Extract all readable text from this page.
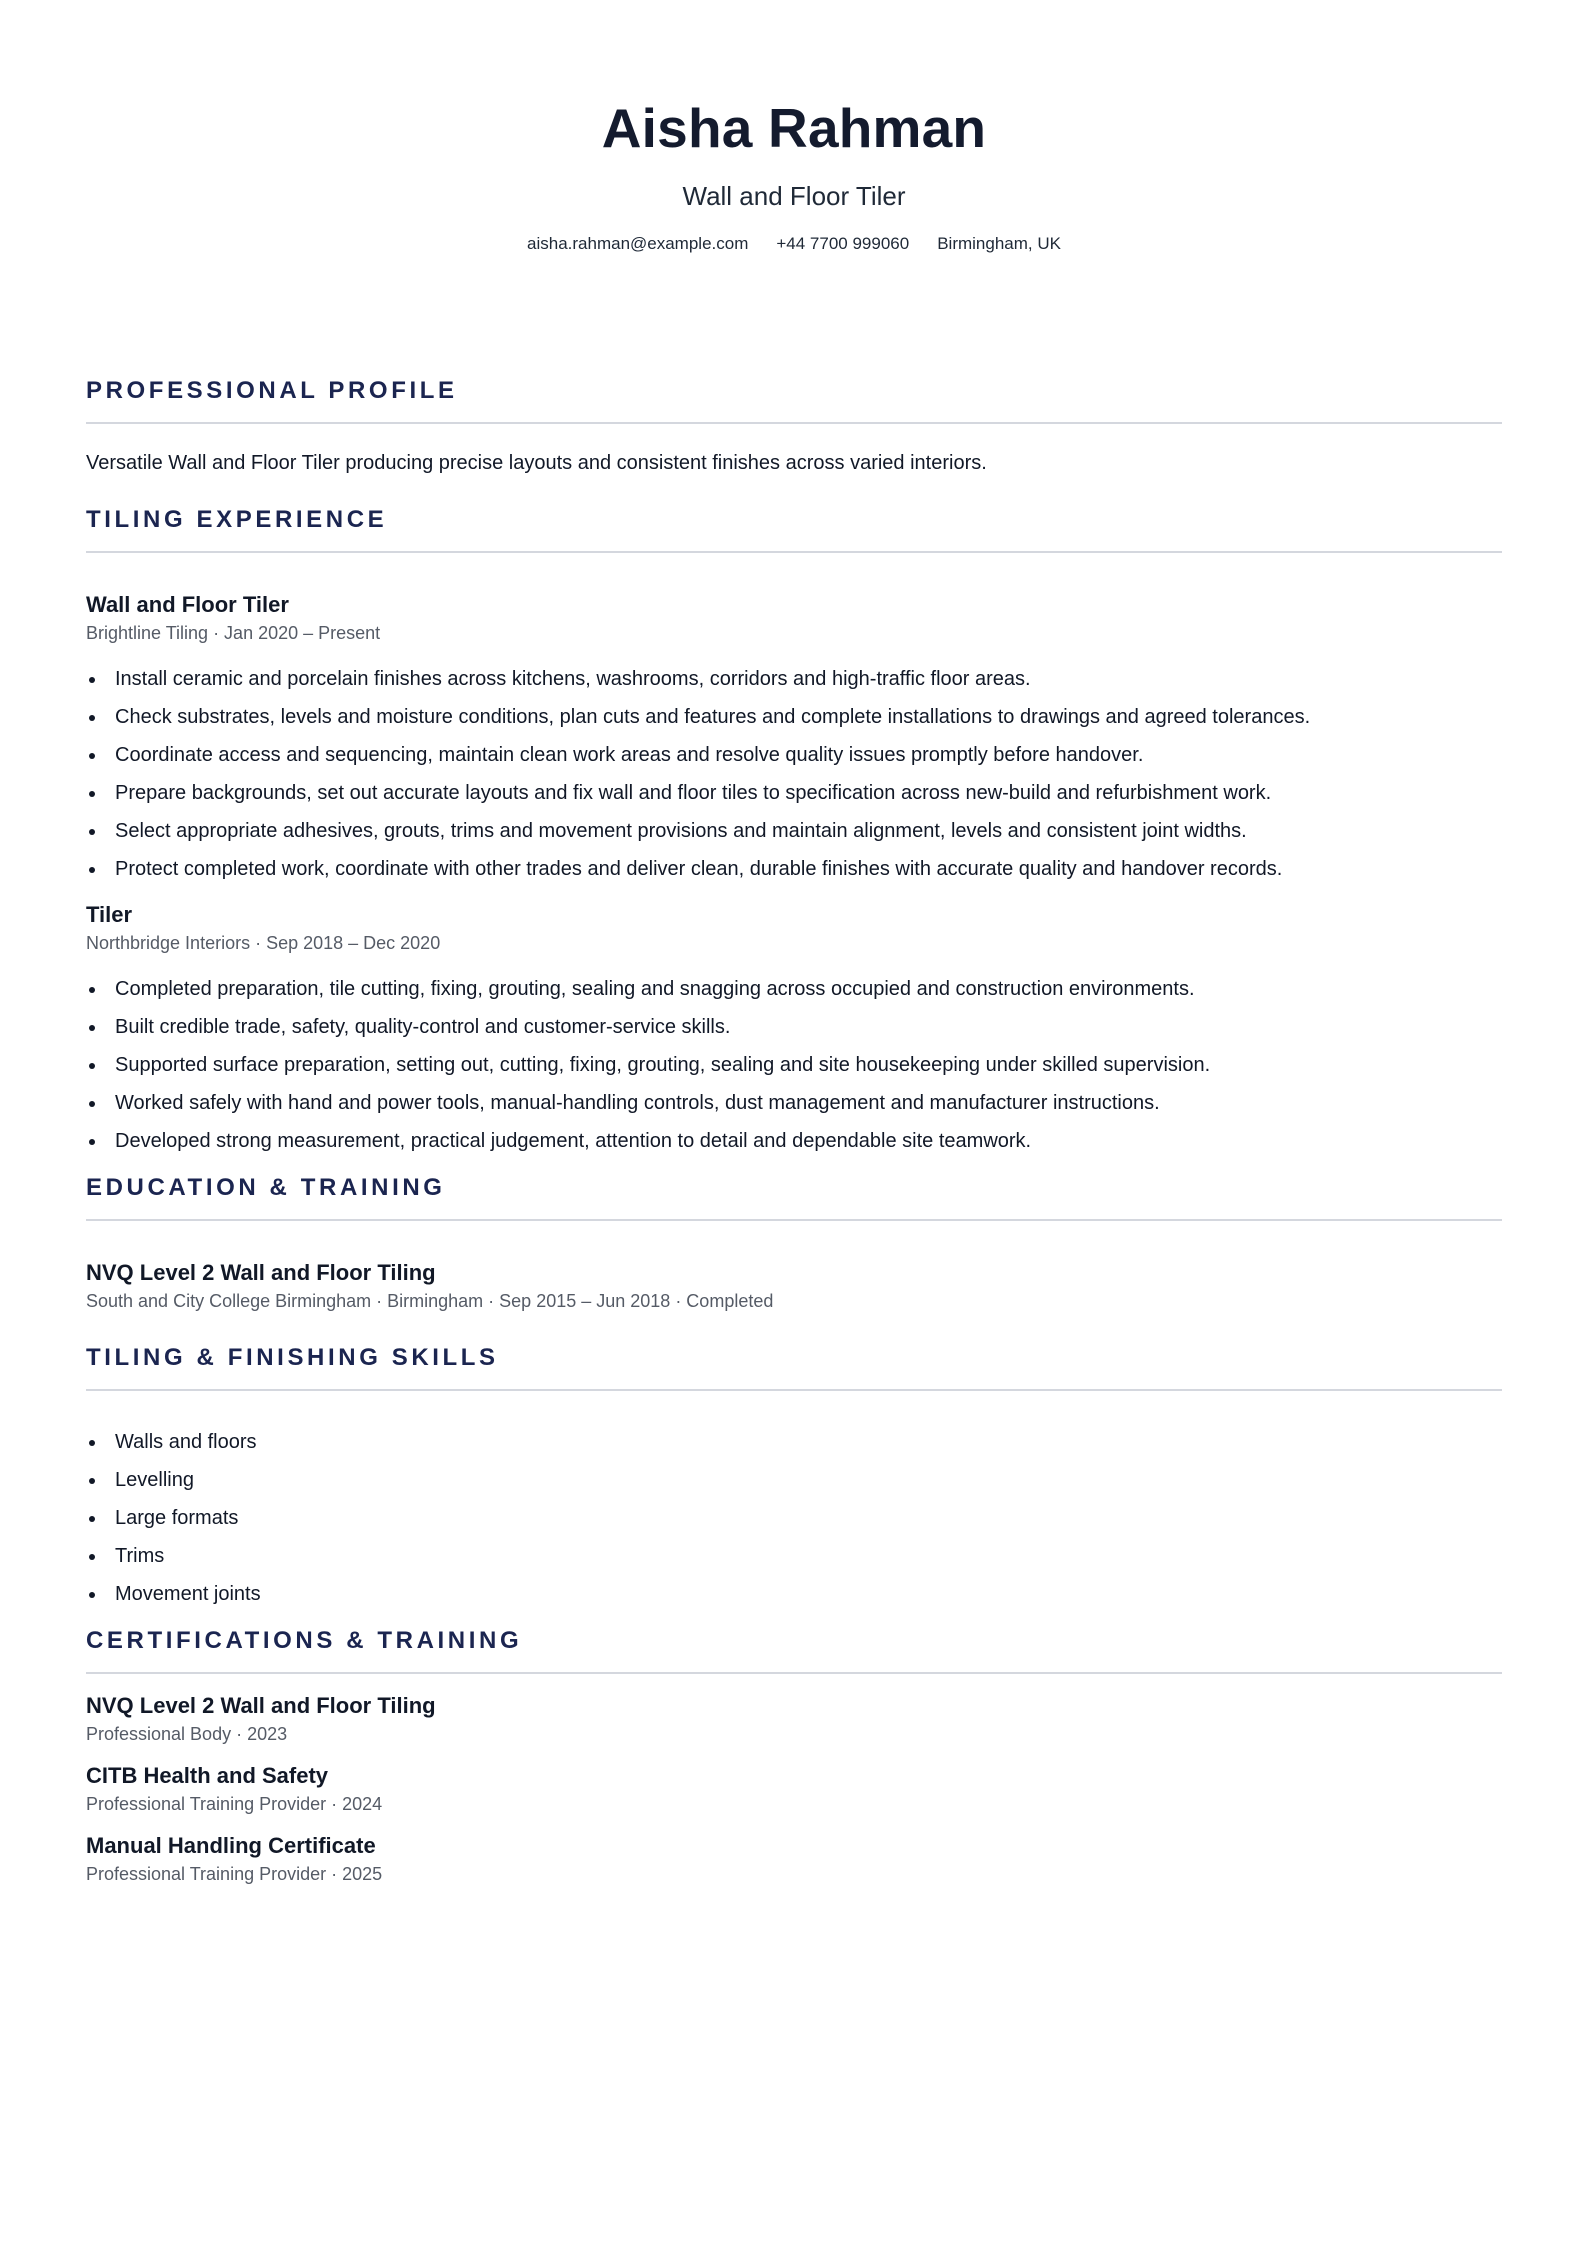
Aisha Rahman
Wall and Floor Tiler
aisha.rahman@example.com +44 7700 999060 Birmingham, UK
PROFESSIONAL PROFILE

Versatile Wall and Floor Tiler producing precise layouts and consistent finishes across varied interiors.

TILING EXPERIENCE
Wall and Floor Tiler
Brightline Tiling · Jan 2020 – Present
Install ceramic and porcelain finishes across kitchens, washrooms, corridors and high-traffic floor areas.
Check substrates, levels and moisture conditions, plan cuts and features and complete installations to drawings and agreed tolerances.
Coordinate access and sequencing, maintain clean work areas and resolve quality issues promptly before handover.
Prepare backgrounds, set out accurate layouts and fix wall and floor tiles to specification across new-build and refurbishment work.
Select appropriate adhesives, grouts, trims and movement provisions and maintain alignment, levels and consistent joint widths.
Protect completed work, coordinate with other trades and deliver clean, durable finishes with accurate quality and handover records.
Tiler
Northbridge Interiors · Sep 2018 – Dec 2020
Completed preparation, tile cutting, fixing, grouting, sealing and snagging across occupied and construction environments.
Built credible trade, safety, quality-control and customer-service skills.
Supported surface preparation, setting out, cutting, fixing, grouting, sealing and site housekeeping under skilled supervision.
Worked safely with hand and power tools, manual-handling controls, dust management and manufacturer instructions.
Developed strong measurement, practical judgement, attention to detail and dependable site teamwork.
EDUCATION & TRAINING
NVQ Level 2 Wall and Floor Tiling
South and City College Birmingham · Birmingham · Sep 2015 – Jun 2018 · Completed
TILING & FINISHING SKILLS
Walls and floors
Levelling
Large formats
Trims
Movement joints
CERTIFICATIONS & TRAINING
NVQ Level 2 Wall and Floor Tiling
Professional Body · 2023
CITB Health and Safety
Professional Training Provider · 2024
Manual Handling Certificate
Professional Training Provider · 2025
